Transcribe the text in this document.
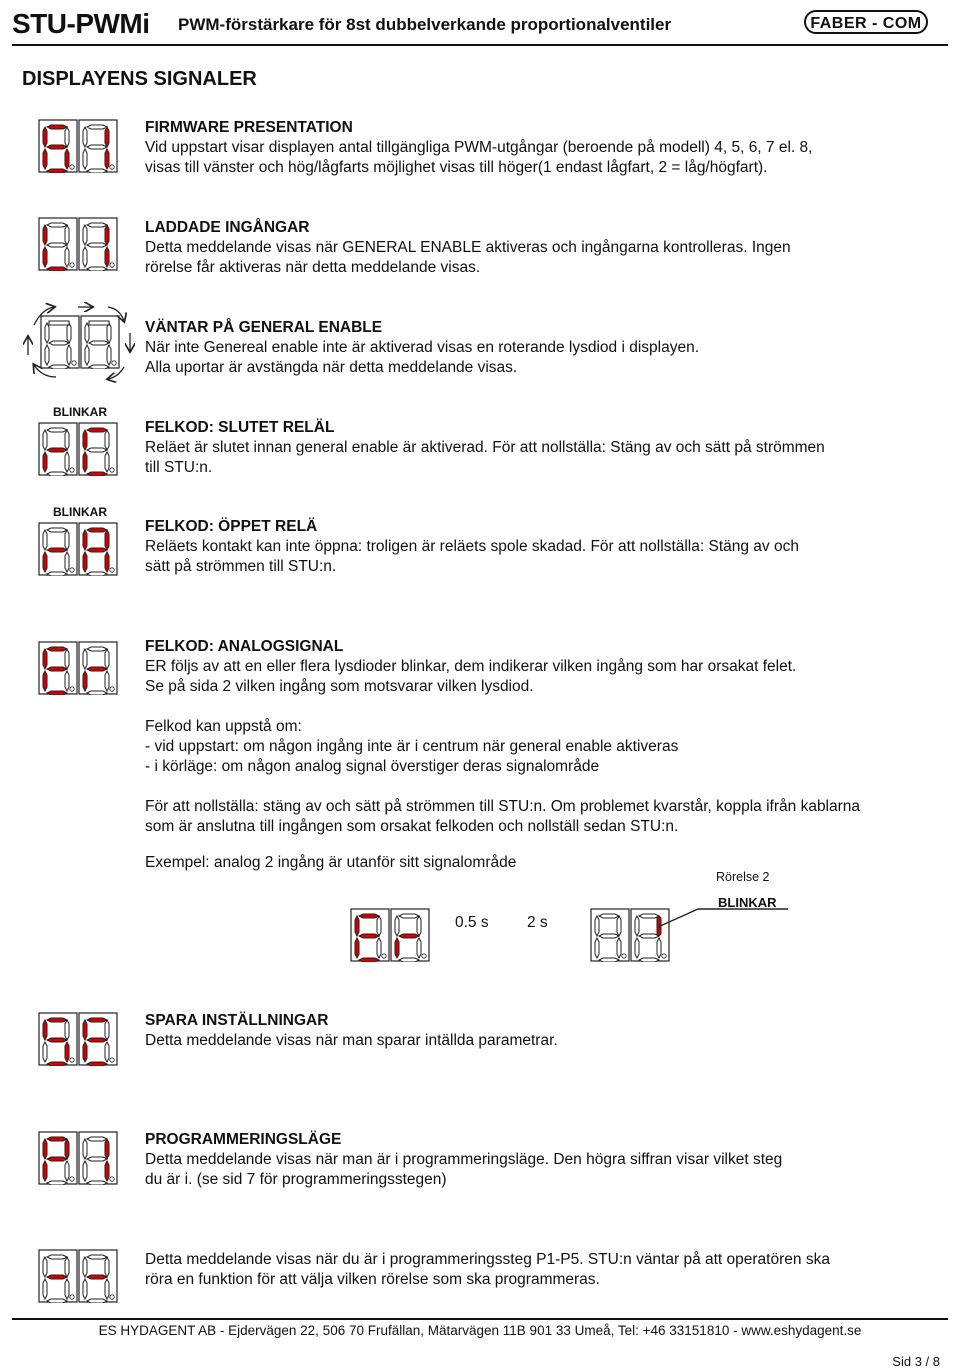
STU-PWMi PWM-förstärkare för 8st dubbelverkande proportionalventiler	FABER - COM
DISPLAYENS SIGNALER
FIRMWARE PRESENTATION
Vid uppstart visar displayen antal tillgängliga PWM-utgångar (beroende på modell) 4, 5, 6, 7 el. 8,
visas till vänster och hög/lågfarts möjlighet visas till höger(1 endast lågfart, 2 = låg/högfart).
LADDADE INGÅNGAR
Detta meddelande visas när GENERAL ENABLE aktiveras och ingångarna kontrolleras. Ingen
rörelse får aktiveras när detta meddelande visas.
VÄNTAR PÅ GENERAL ENABLE
När inte Genereal enable inte är aktiverad visas en roterande lysdiod i displayen.
Alla uportar är avstängda när detta meddelande visas.
BLINKAR
FELKOD: SLUTET RELÄL
Reläet är slutet innan general enable är aktiverad. För att nollställa: Stäng av och sätt på strömmen
till STU:n.
BLINKAR
FELKOD: ÖPPET RELÄ
Reläets kontakt kan inte öppna: troligen är reläets spole skadad. För att nollställa: Stäng av och
sätt på strömmen till STU:n.
FELKOD: ANALOGSIGNAL
ER följs av att en eller flera lysdioder blinkar, dem indikerar vilken ingång som har orsakat felet.
Se på sida 2 vilken ingång som motsvarar vilken lysdiod.
Felkod kan uppstå om:
- vid uppstart: om någon ingång inte är i centrum när general enable aktiveras
- i körläge: om någon analog signal överstiger deras signalområde
För att nollställa: stäng av och sätt på strömmen till STU:n. Om problemet kvarstår, koppla ifrån kablarna
som är anslutna till ingången som orsakat felkoden och nollställ sedan STU:n.
Exempel: analog 2 ingång är utanför sitt signalområde
0.5 s 2 s
Rörelse 2
BLINKAR
SPARA INSTÄLLNINGAR
Detta meddelande visas när man sparar intällda parametrar.
PROGRAMMERINGSLÄGE
Detta meddelande visas när man är i programmeringsläge. Den högra siffran visar vilket steg
du är i. (se sid 7 för programmeringsstegen)
Detta meddelande visas när du är i programmeringssteg P1-P5. STU:n väntar på att operatören ska
röra en funktion för att välja vilken rörelse som ska programmeras.
ES HYDAGENT AB - Ejdervägen 22, 506 70 Frufällan, Mätarvägen 11B 901 33 Umeå, Tel: +46 33151810 - www.eshydagent.se
Sid 3 / 8
